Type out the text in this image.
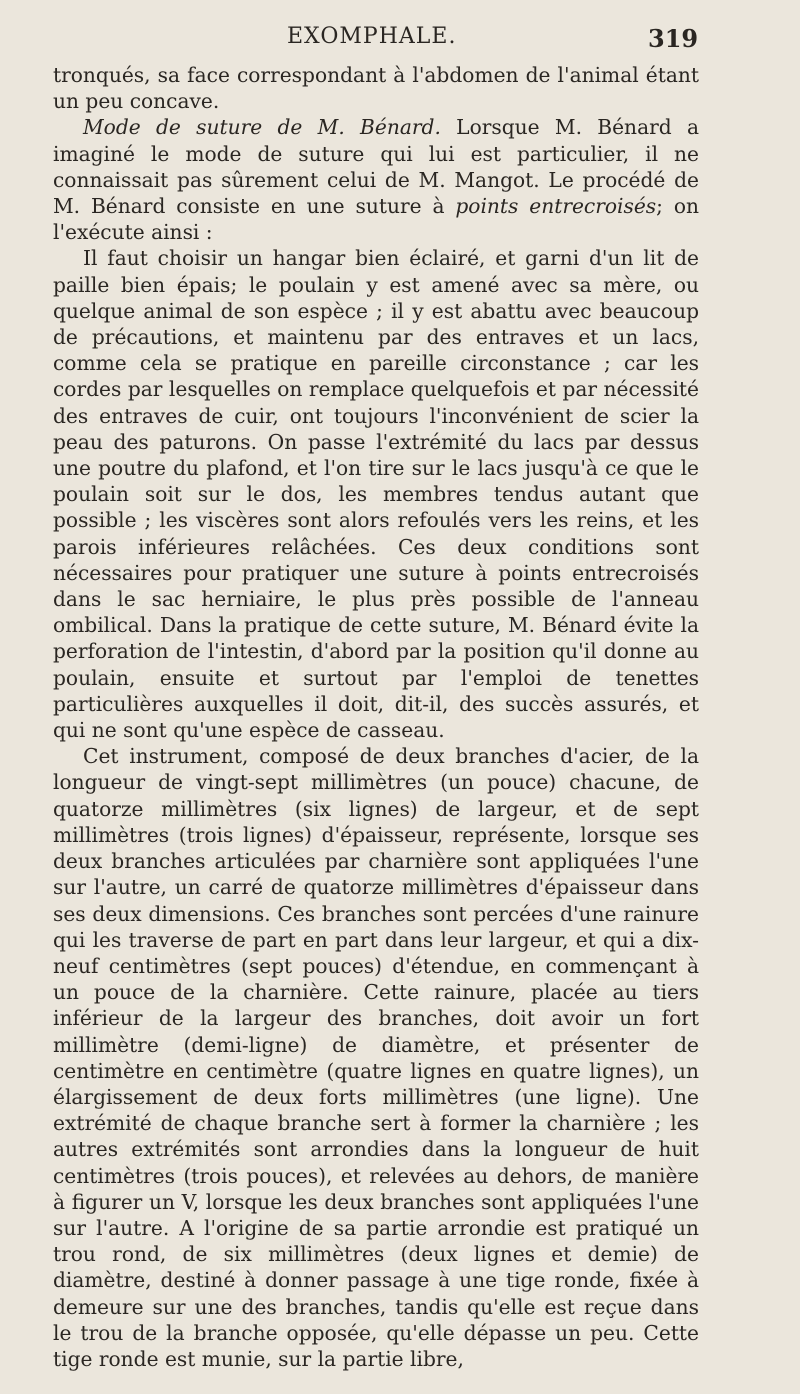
EXOMPHALE.	319

tronqués, sa face correspondant à l'abdomen de l'animal étant un peu concave.

Mode de suture de M. Bénard. Lorsque M. Bénard a imaginé le mode de suture qui lui est particulier, il ne connaissait pas sûrement celui de M. Mangot. Le procédé de M. Bénard consiste en une suture à points entrecroisés; on l'exécute ainsi :

Il faut choisir un hangar bien éclairé, et garni d'un lit de paille bien épais; le poulain y est amené avec sa mère, ou quelque animal de son espèce ; il y est abattu avec beaucoup de précautions, et maintenu par des entraves et un lacs, comme cela se pratique en pareille circonstance ; car les cordes par lesquelles on remplace quelquefois et par nécessité des entraves de cuir, ont toujours l'inconvénient de scier la peau des paturons. On passe l'extrémité du lacs par dessus une poutre du plafond, et l'on tire sur le lacs jusqu'à ce que le poulain soit sur le dos, les membres tendus autant que possible ; les viscères sont alors refoulés vers les reins, et les parois inférieures relâchées. Ces deux conditions sont nécessaires pour pratiquer une suture à points entrecroisés dans le sac herniaire, le plus près possible de l'anneau ombilical. Dans la pratique de cette suture, M. Bénard évite la perforation de l'intestin, d'abord par la position qu'il donne au poulain, ensuite et surtout par l'emploi de tenettes particulières auxquelles il doit, dit-il, des succès assurés, et qui ne sont qu'une espèce de casseau.

Cet instrument, composé de deux branches d'acier, de la longueur de vingt-sept millimètres (un pouce) chacune, de quatorze millimètres (six lignes) de largeur, et de sept millimètres (trois lignes) d'épaisseur, représente, lorsque ses deux branches articulées par charnière sont appliquées l'une sur l'autre, un carré de quatorze millimètres d'épaisseur dans ses deux dimensions. Ces branches sont percées d'une rainure qui les traverse de part en part dans leur largeur, et qui a dix-neuf centimètres (sept pouces) d'étendue, en commençant à un pouce de la charnière. Cette rainure, placée au tiers inférieur de la largeur des branches, doit avoir un fort millimètre (demi-ligne) de diamètre, et présenter de centimètre en centimètre (quatre lignes en quatre lignes), un élargissement de deux forts millimètres (une ligne). Une extrémité de chaque branche sert à former la charnière ; les autres extrémités sont arrondies dans la longueur de huit centimètres (trois pouces), et relevées au dehors, de manière à figurer un V, lorsque les deux branches sont appliquées l'une sur l'autre. A l'origine de sa partie arrondie est pratiqué un trou rond, de six millimètres (deux lignes et demie) de diamètre, destiné à donner passage à une tige ronde, fixée à demeure sur une des branches, tandis qu'elle est reçue dans le trou de la branche opposée, qu'elle dépasse un peu. Cette tige ronde est munie, sur la partie libre,
